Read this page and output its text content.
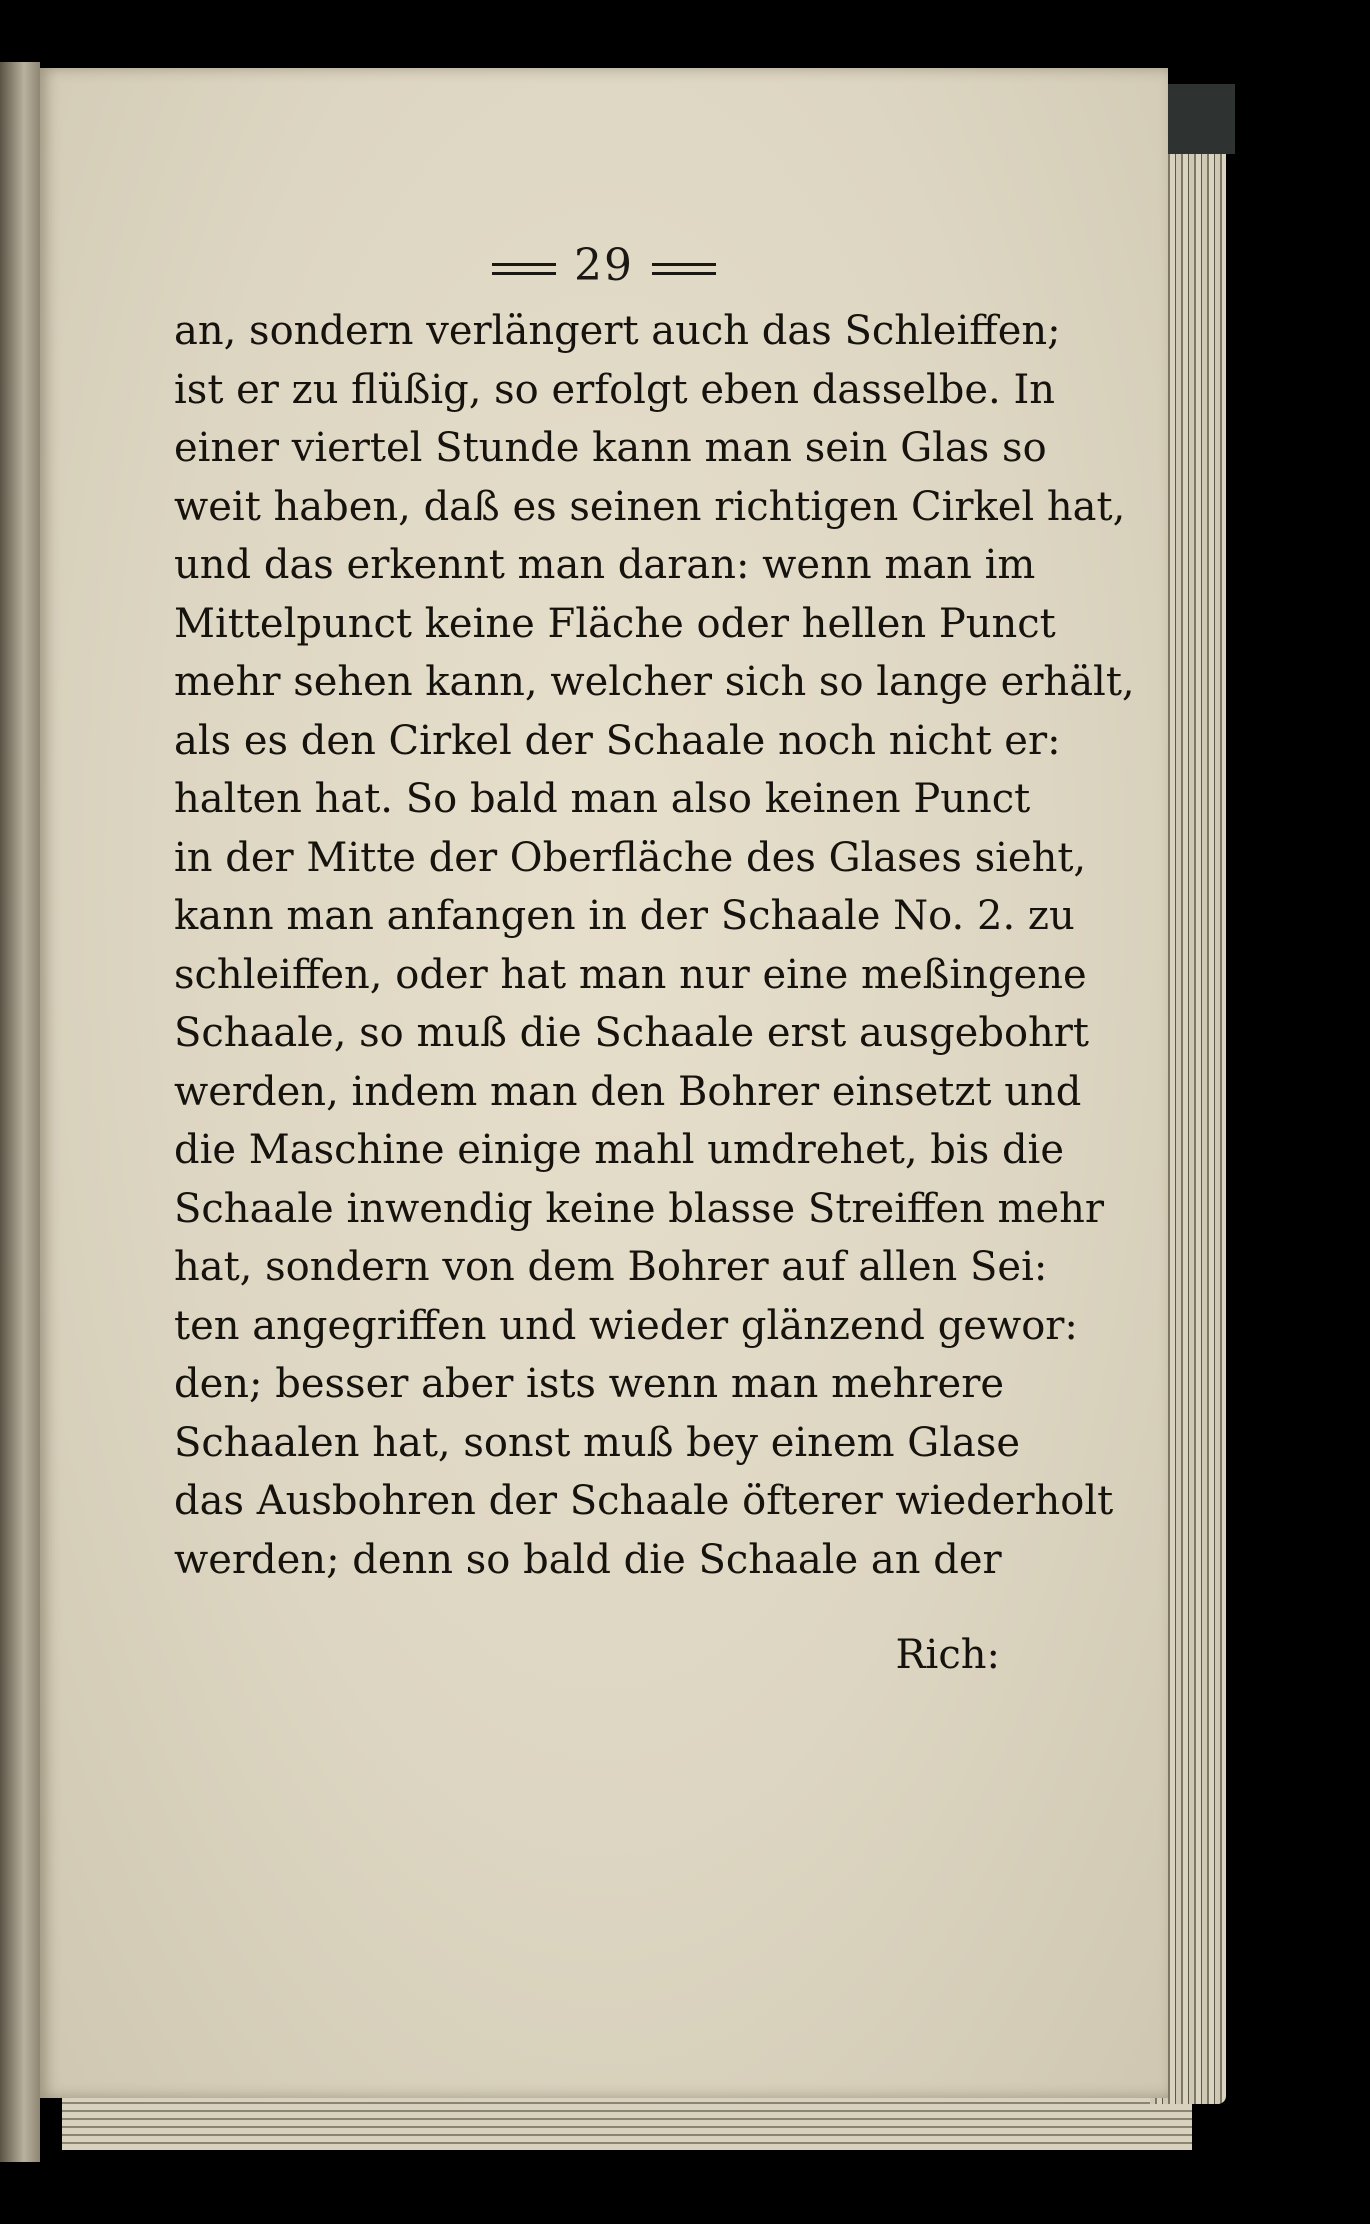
29
an, sondern verlängert auch das Schleiffen;
ist er zu flüßig, so erfolgt eben dasselbe. In
einer viertel Stunde kann man sein Glas so
weit haben, daß es seinen richtigen Cirkel hat,
und das erkennt man daran: wenn man im
Mittelpunct keine Fläche oder hellen Punct
mehr sehen kann, welcher sich so lange erhält,
als es den Cirkel der Schaale noch nicht er:
halten hat. So bald man also keinen Punct
in der Mitte der Oberfläche des Glases sieht,
kann man anfangen in der Schaale No. 2. zu
schleiffen, oder hat man nur eine meßingene
Schaale, so muß die Schaale erst ausgebohrt
werden, indem man den Bohrer einsetzt und
die Maschine einige mahl umdrehet, bis die
Schaale inwendig keine blasse Streiffen mehr
hat, sondern von dem Bohrer auf allen Sei:
ten angegriffen und wieder glänzend gewor:
den; besser aber ists wenn man mehrere
Schaalen hat, sonst muß bey einem Glase
das Ausbohren der Schaale öfterer wiederholt
werden; denn so bald die Schaale an der
Rich:
